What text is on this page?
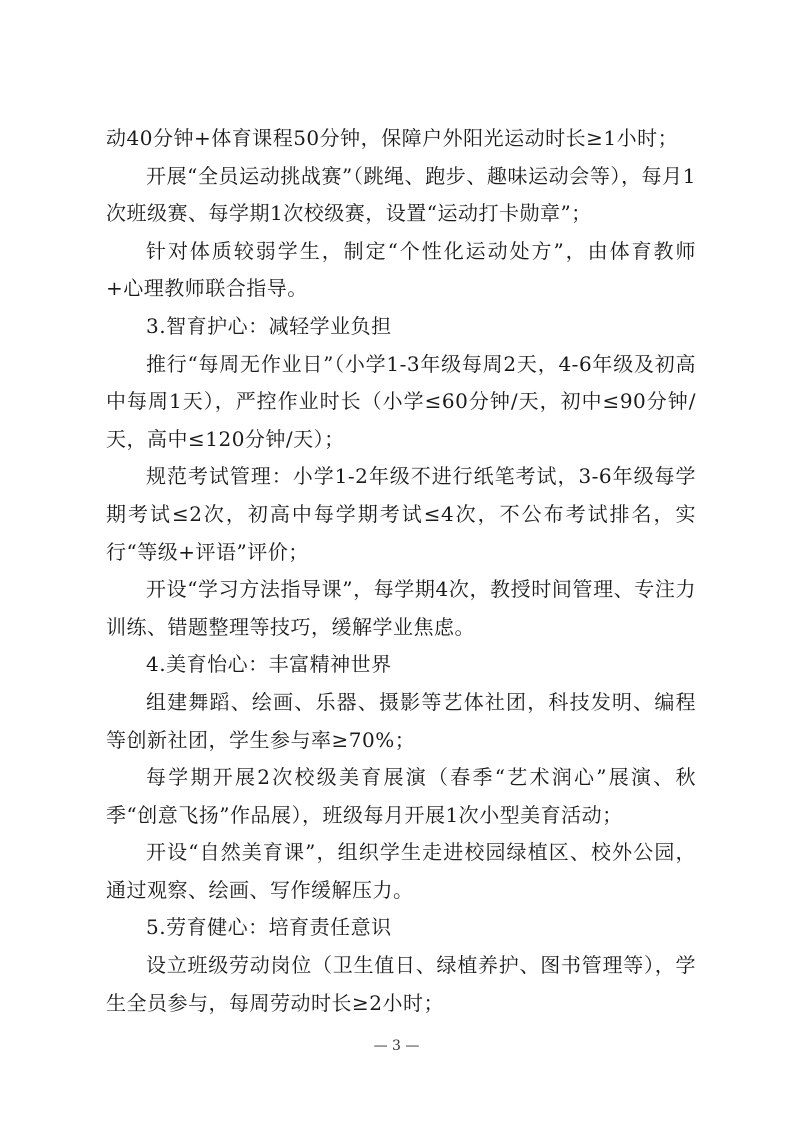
动40分钟+体育课程50分钟，保障户外阳光运动时长≥1小时；

开展“全员运动挑战赛”（跳绳、跑步、趣味运动会等），每月1次班级赛、每学期1次校级赛，设置“运动打卡勋章”；

针对体质较弱学生，制定“个性化运动处方”，由体育教师+心理教师联合指导。

3.智育护心：减轻学业负担

推行“每周无作业日”（小学1-3年级每周2天，4-6年级及初高中每周1天），严控作业时长（小学≤60分钟/天，初中≤90分钟/天，高中≤120分钟/天）；

规范考试管理：小学1-2年级不进行纸笔考试，3-6年级每学期考试≤2次，初高中每学期考试≤4次，不公布考试排名，实行“等级+评语”评价；

开设“学习方法指导课”，每学期4次，教授时间管理、专注力训练、错题整理等技巧，缓解学业焦虑。

4.美育怡心：丰富精神世界

组建舞蹈、绘画、乐器、摄影等艺体社团，科技发明、编程等创新社团，学生参与率≥70%；

每学期开展2次校级美育展演（春季“艺术润心”展演、秋季“创意飞扬”作品展），班级每月开展1次小型美育活动；

开设“自然美育课”，组织学生走进校园绿植区、校外公园，通过观察、绘画、写作缓解压力。

5.劳育健心：培育责任意识

设立班级劳动岗位（卫生值日、绿植养护、图书管理等），学生全员参与，每周劳动时长≥2小时；

— 3 —
